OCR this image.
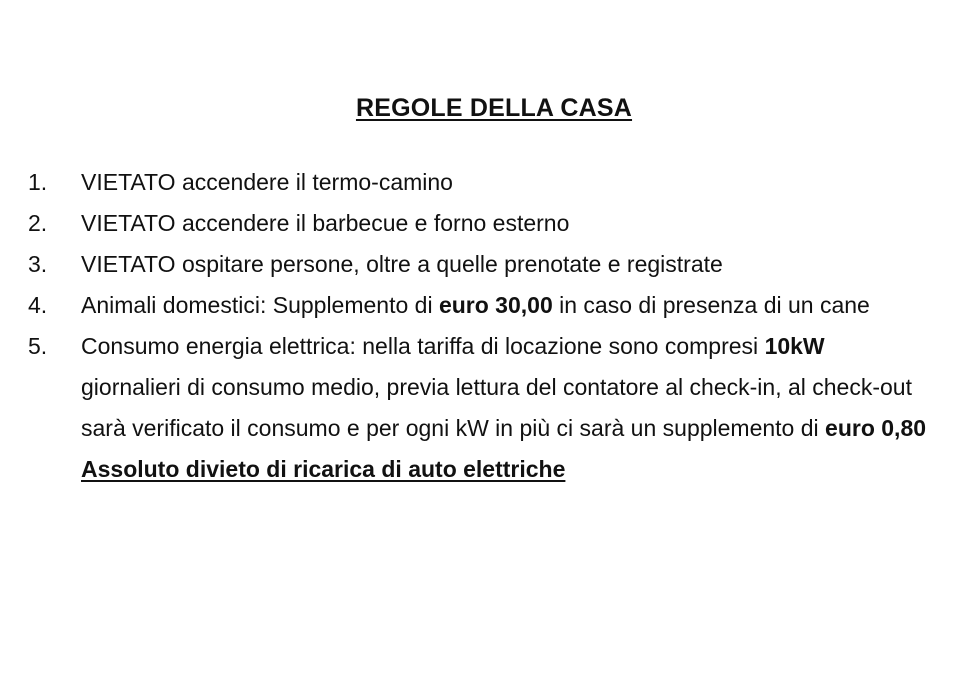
REGOLE DELLA CASA
1.	VIETATO accendere il termo-camino
2.	VIETATO accendere il barbecue e forno esterno
3.	VIETATO ospitare persone, oltre a quelle prenotate e registrate
4.	Animali domestici: Supplemento di euro 30,00 in caso di presenza di un cane
5.	Consumo energia elettrica: nella tariffa di locazione sono compresi 10kW giornalieri di consumo medio, previa lettura del contatore al check-in, al check-out sarà verificato il consumo e per ogni kW in più ci sarà un supplemento di euro 0,80
Assoluto divieto di ricarica di auto elettriche
